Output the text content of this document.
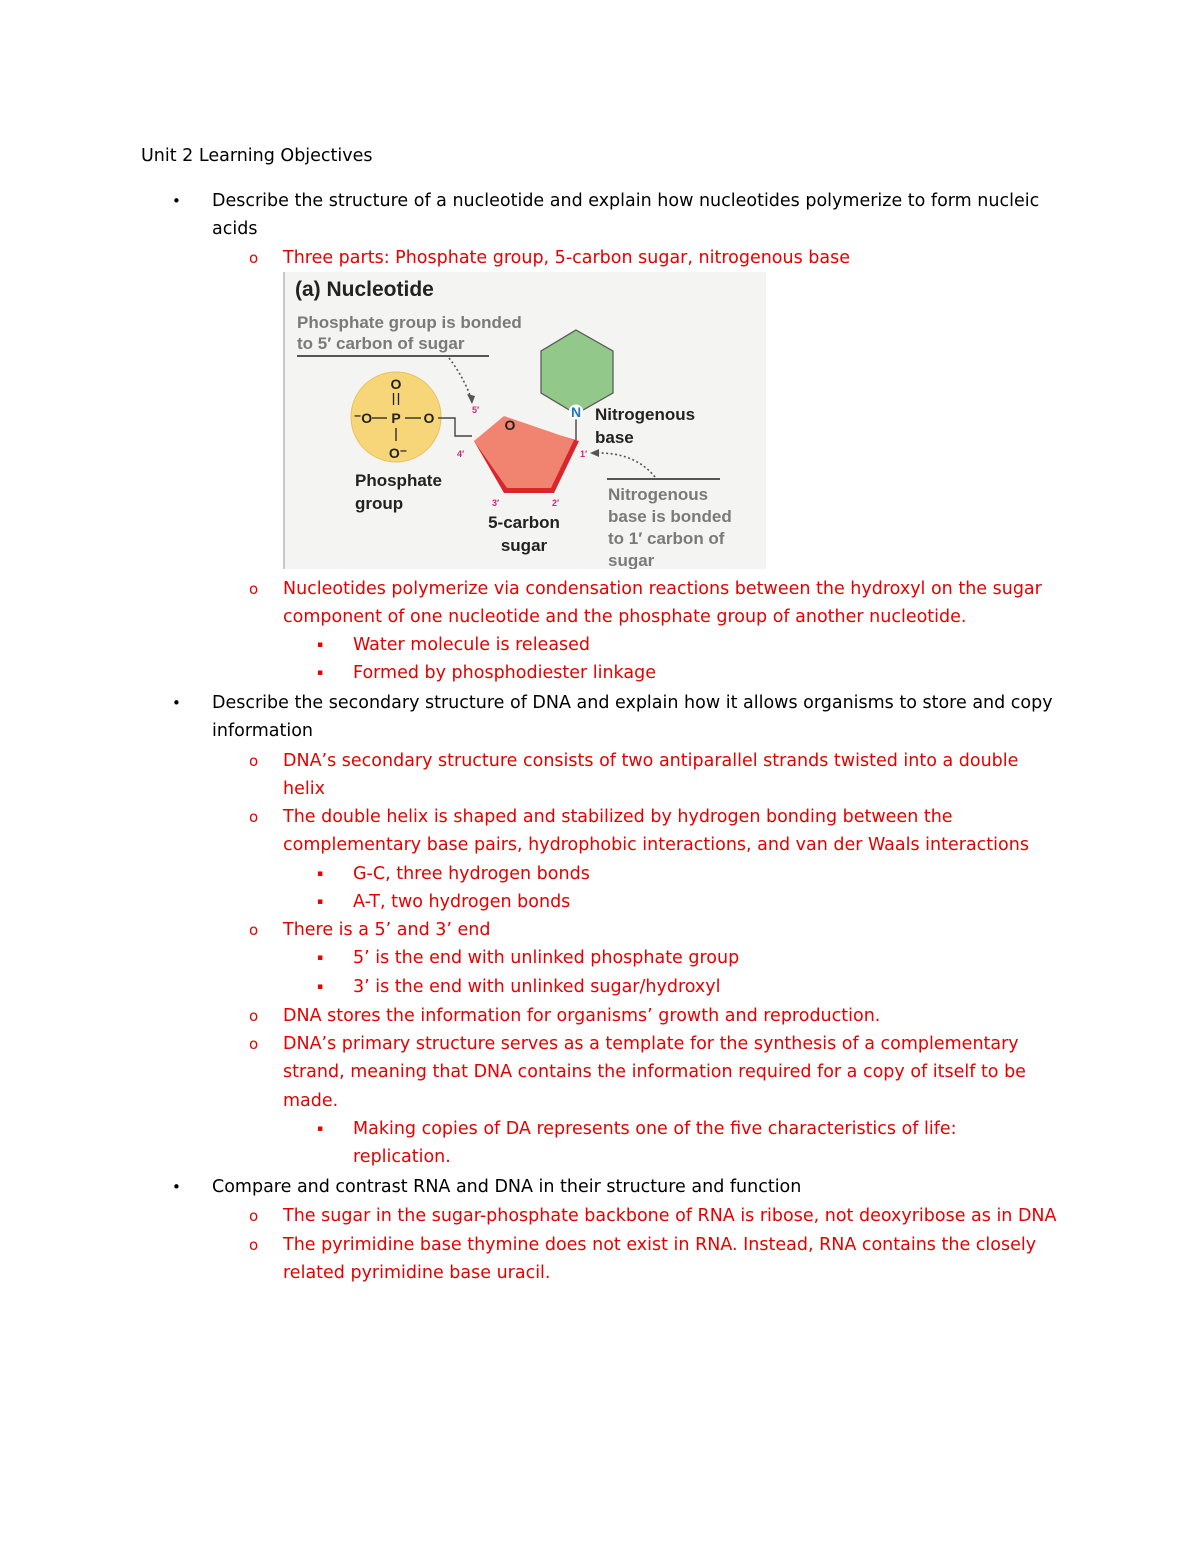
Unit 2 Learning Objectives
• Describe the structure of a nucleotide and explain how nucleotides polymerize to form nucleic
acids
o Three parts: Phosphate group, 5-carbon sugar, nitrogenous base
(a) Nucleotide
Phosphate group is bonded
to 5′ carbon of sugar
O
P
⁻O	O
O⁻
5′
O
4′	1′
3′	2′
N Nitrogenous
base
Phosphate
group
5-carbon
sugar
Nitrogenous
base is bonded
to 1′ carbon of
sugar
o Nucleotides polymerize via condensation reactions between the hydroxyl on the sugar
component of one nucleotide and the phosphate group of another nucleotide.
▪ Water molecule is released
▪ Formed by phosphodiester linkage
• Describe the secondary structure of DNA and explain how it allows organisms to store and copy
information
o DNA’s secondary structure consists of two antiparallel strands twisted into a double
helix
o The double helix is shaped and stabilized by hydrogen bonding between the
complementary base pairs, hydrophobic interactions, and van der Waals interactions
▪ G-C, three hydrogen bonds
▪ A-T, two hydrogen bonds
o There is a 5’ and 3’ end
▪ 5’ is the end with unlinked phosphate group
▪ 3’ is the end with unlinked sugar/hydroxyl
o DNA stores the information for organisms’ growth and reproduction.
o DNA’s primary structure serves as a template for the synthesis of a complementary
strand, meaning that DNA contains the information required for a copy of itself to be
made.
▪ Making copies of DA represents one of the five characteristics of life:
replication.
• Compare and contrast RNA and DNA in their structure and function
o The sugar in the sugar-phosphate backbone of RNA is ribose, not deoxyribose as in DNA
o The pyrimidine base thymine does not exist in RNA. Instead, RNA contains the closely
related pyrimidine base uracil.
